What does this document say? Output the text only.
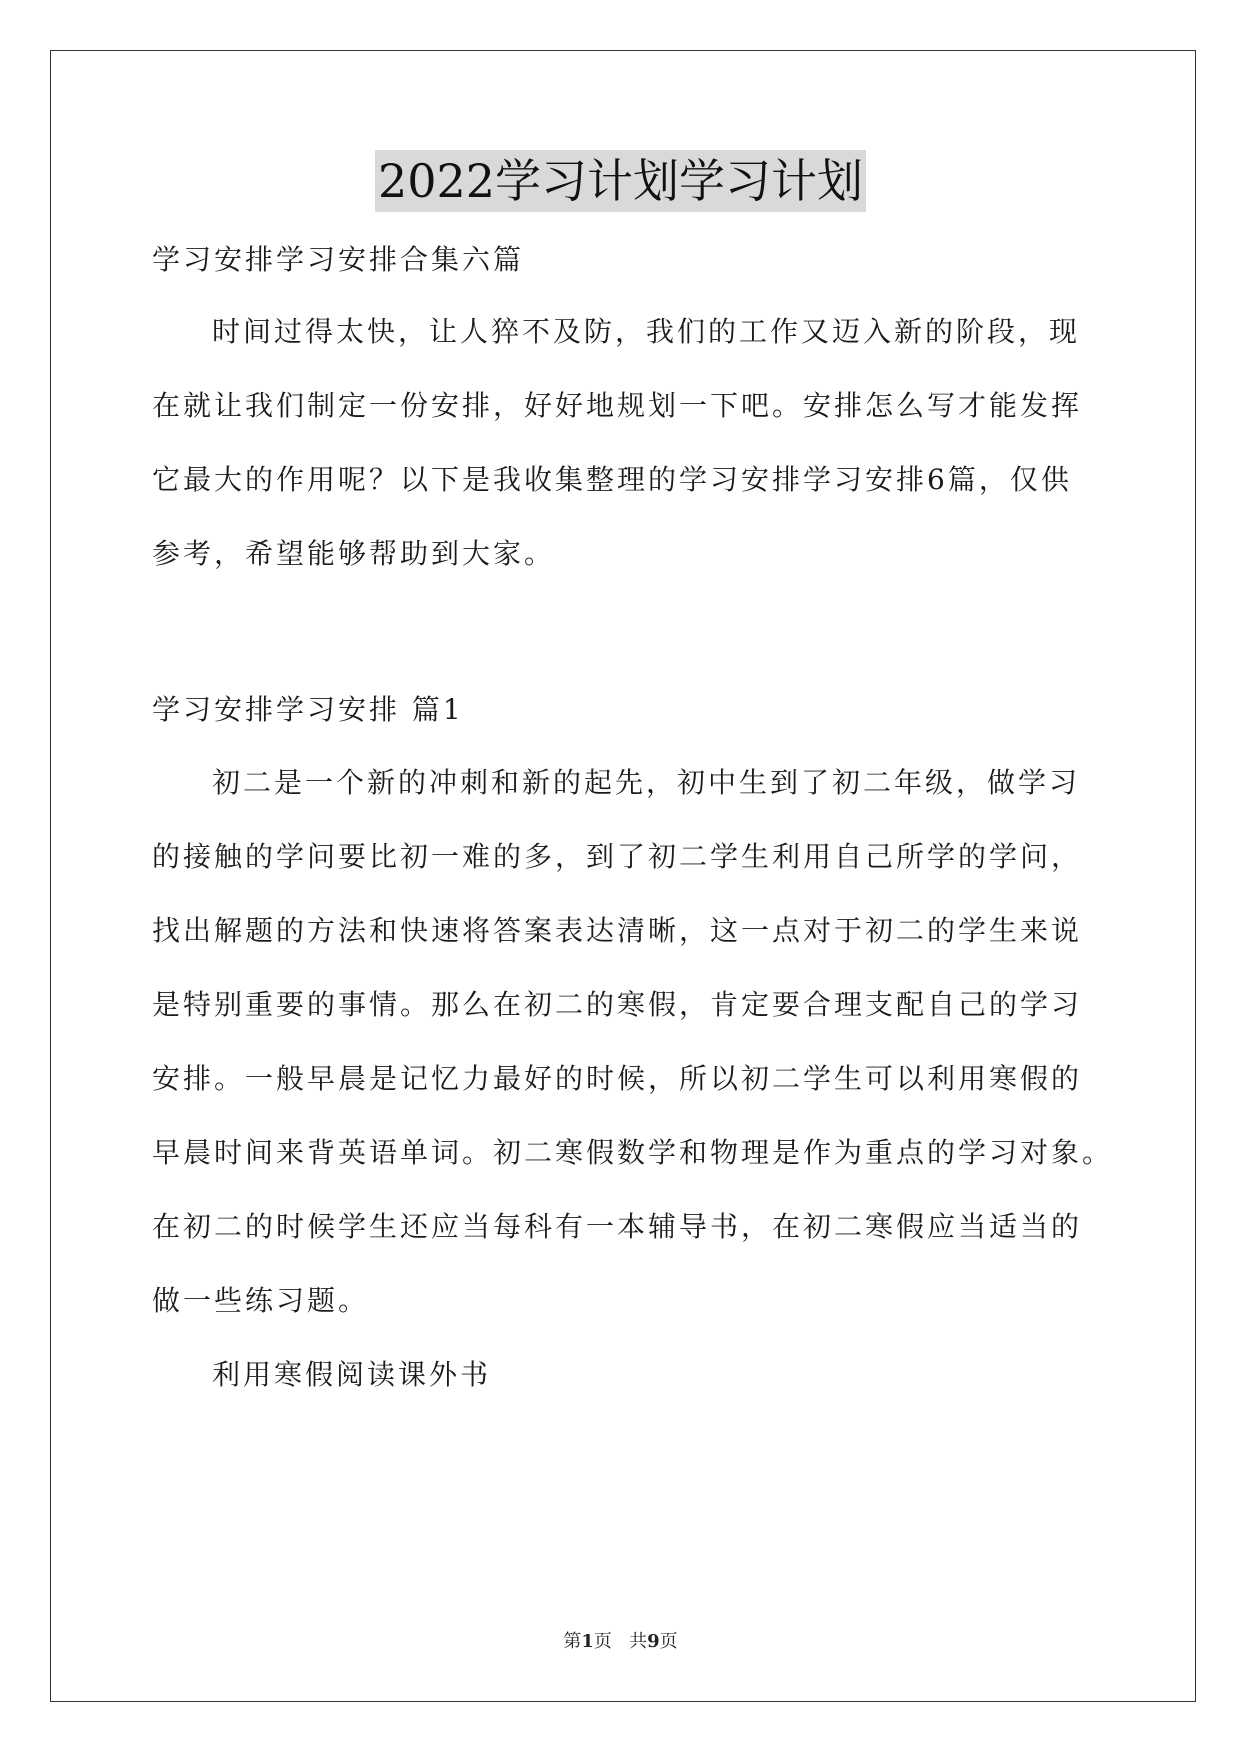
2022学习计划学习计划
学习安排学习安排合集六篇
时间过得太快，让人猝不及防，我们的工作又迈入新的阶段，现
在就让我们制定一份安排，好好地规划一下吧。安排怎么写才能发挥
它最大的作用呢？以下是我收集整理的学习安排学习安排6篇，仅供
参考，希望能够帮助到大家。
学习安排学习安排 篇1
初二是一个新的冲刺和新的起先，初中生到了初二年级，做学习
的接触的学问要比初一难的多，到了初二学生利用自己所学的学问，
找出解题的方法和快速将答案表达清晰，这一点对于初二的学生来说
是特别重要的事情。那么在初二的寒假，肯定要合理支配自己的学习
安排。一般早晨是记忆力最好的时候，所以初二学生可以利用寒假的
早晨时间来背英语单词。初二寒假数学和物理是作为重点的学习对象。
在初二的时候学生还应当每科有一本辅导书，在初二寒假应当适当的
做一些练习题。
利用寒假阅读课外书
第1页 共9页
